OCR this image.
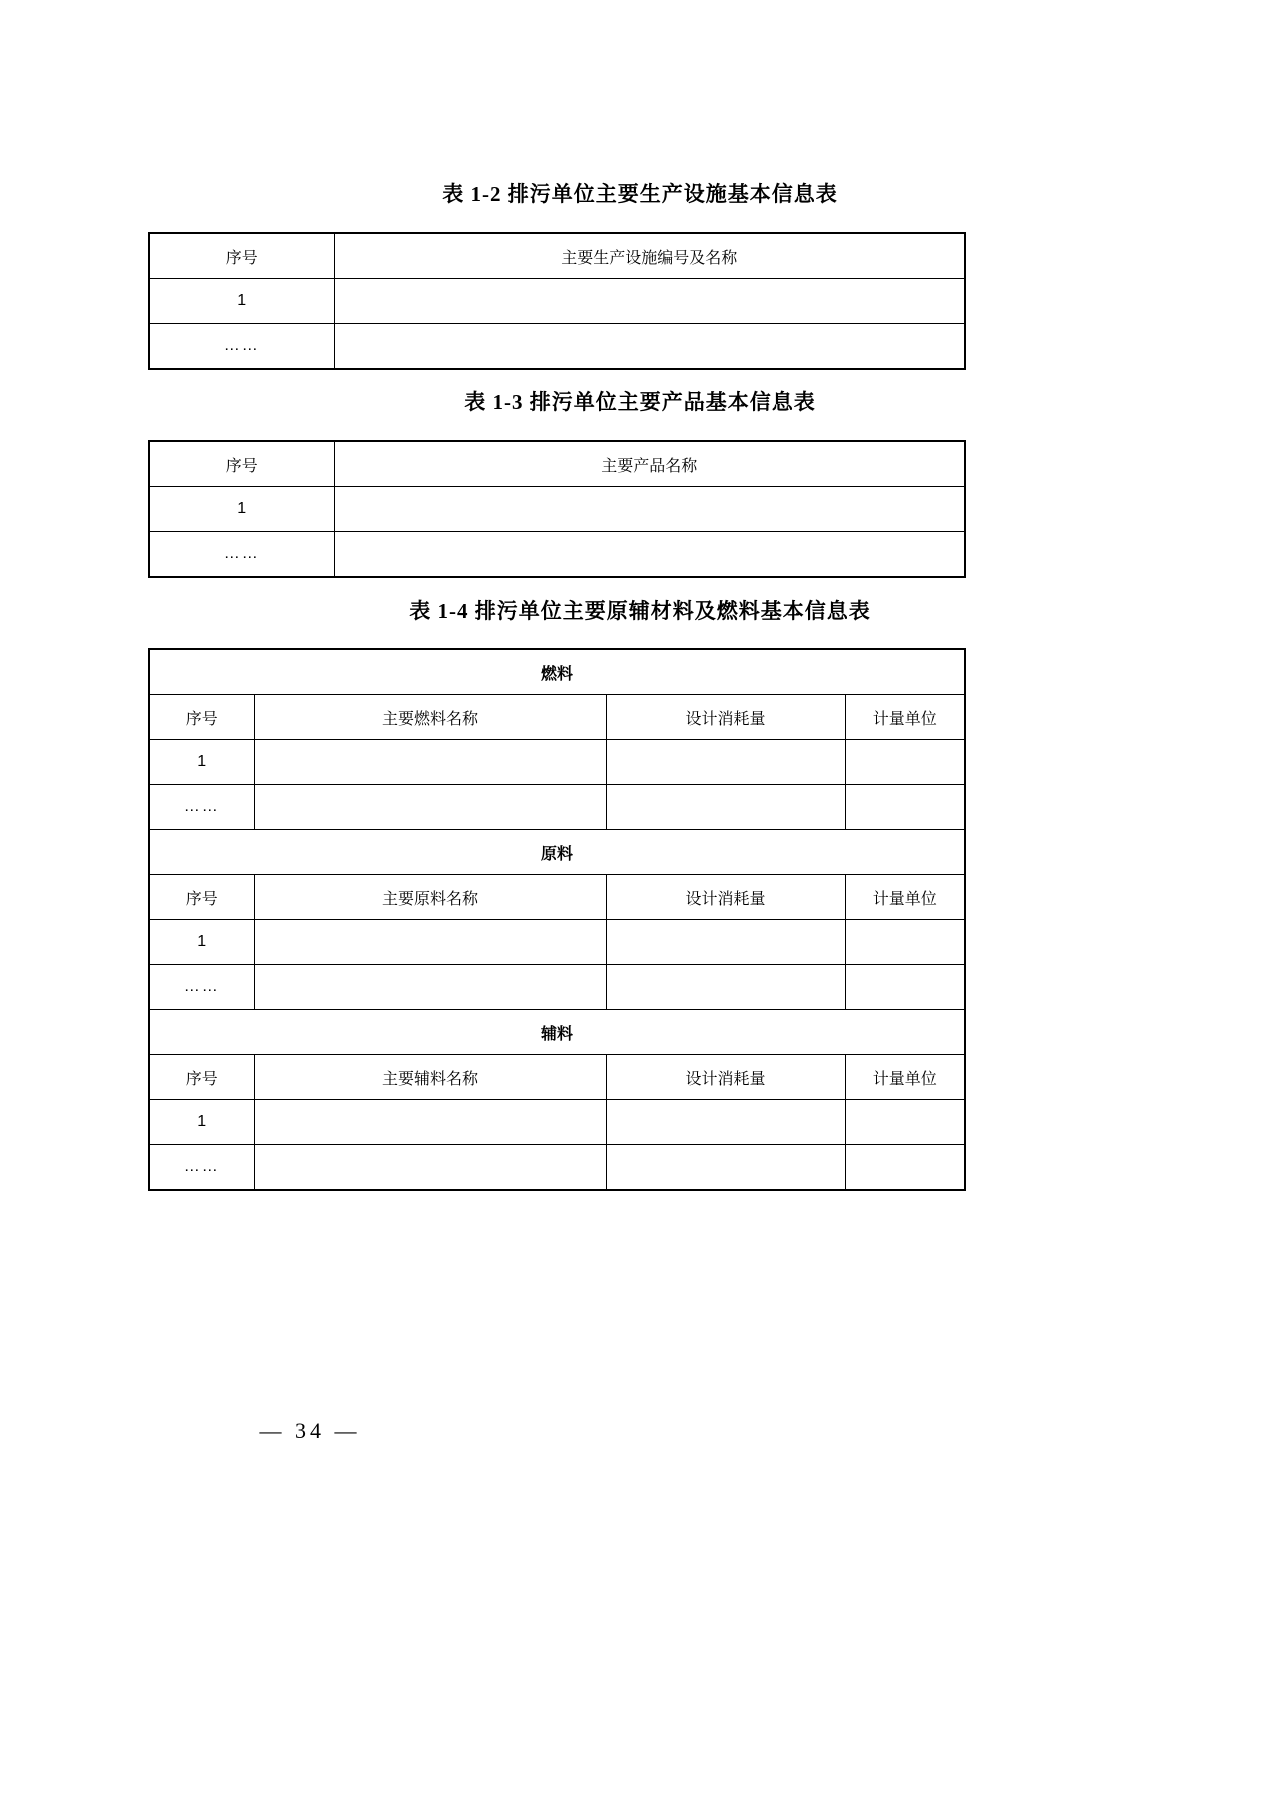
表 1-2 排污单位主要生产设施基本信息表
序号	主要生产设施编号及名称
1	
……	
表 1-3 排污单位主要产品基本信息表
序号	主要产品名称
1	
……	
表 1-4 排污单位主要原辅材料及燃料基本信息表
燃料			
序号	主要燃料名称	设计消耗量	计量单位
1			
……			
原料			
序号	主要原料名称	设计消耗量	计量单位
1			
……			
辅料			
序号	主要辅料名称	设计消耗量	计量单位
1			
……			
— 34 —
